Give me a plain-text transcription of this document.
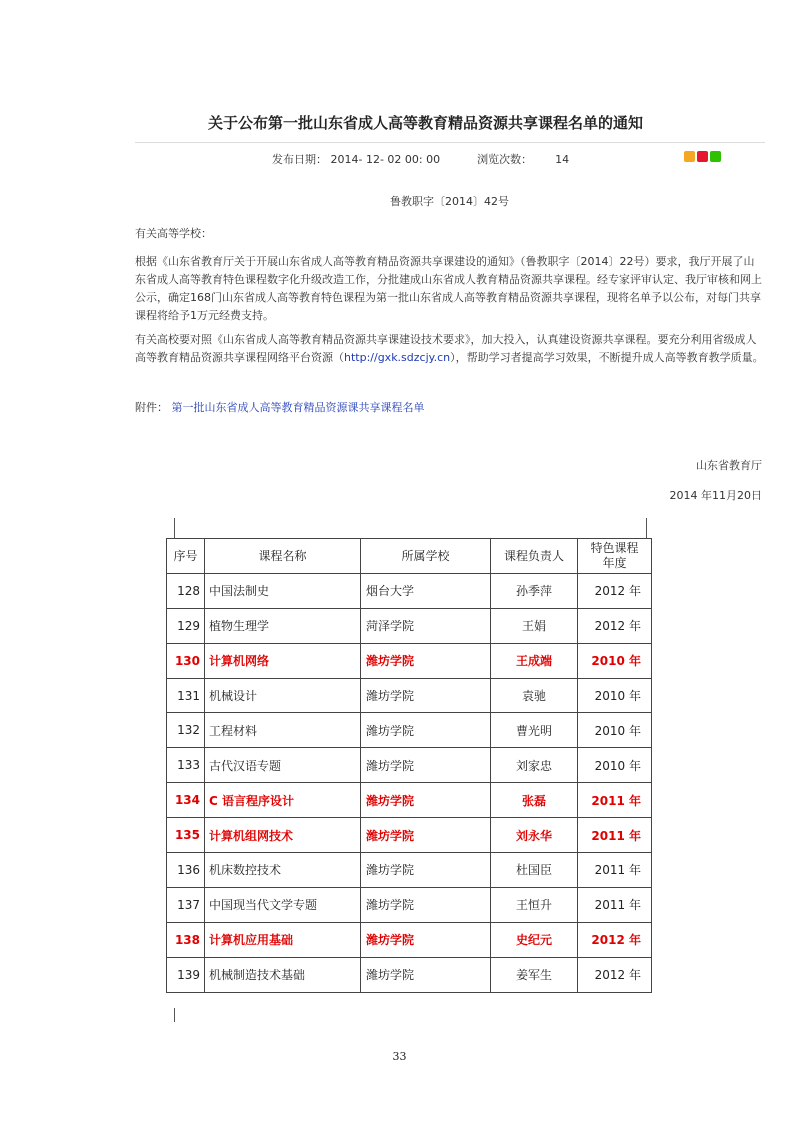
关于公布第一批山东省成人高等教育精品资源共享课程名单的通知
发布日期： 2014- 12- 02 00: 00	浏览次数： 14
鲁教职字〔2014〕42号
有关高等学校：

根据《山东省教育厅关于开展山东省成人高等教育精品资源共享课建设的通知》（鲁教职字〔2014〕22号）要求，我厅开展了山东省成人高等教育特色课程数字化升级改造工作，分批建成山东省成人教育精品资源共享课程。经专家评审认定、我厅审核和网上公示，确定168门山东省成人高等教育特色课程为第一批山东省成人高等教育精品资源共享课程，现将名单予以公布，对每门共享课程将给予1万元经费支持。

有关高校要对照《山东省成人高等教育精品资源共享课建设技术要求》，加大投入，认真建设资源共享课程。要充分利用省级成人高等教育精品资源共享课程网络平台资源（http://gxk.sdzcjy.cn），帮助学习者提高学习效果，不断提升成人高等教育教学质量。

附件： 第一批山东省成人高等教育精品资源课共享课程名单
山东省教育厅
2014 年11月20日
序号	课程名称	所属学校	课程负责人	特色课程
年度

128	中国法制史	烟台大学	孙季萍	2012 年
129	植物生理学	菏泽学院	王娟	2012 年
130	计算机网络	潍坊学院	王成端	2010 年
131	机械设计	潍坊学院	袁驰	2010 年
132	工程材料	潍坊学院	曹光明	2010 年
133	古代汉语专题	潍坊学院	刘家忠	2010 年
134	C 语言程序设计	潍坊学院	张磊	2011 年
135	计算机组网技术	潍坊学院	刘永华	2011 年
136	机床数控技术	潍坊学院	杜国臣	2011 年
137	中国现当代文学专题	潍坊学院	王恒升	2011 年
138	计算机应用基础	潍坊学院	史纪元	2012 年
139	机械制造技术基础	潍坊学院	姜军生	2012 年
33
